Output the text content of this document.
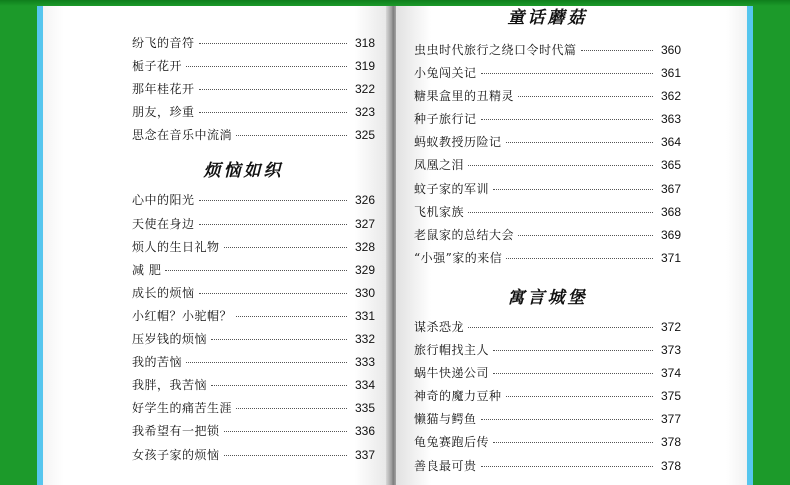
纷飞的音符	318
栀子花开	319
那年桂花开	322
朋友，珍重	323
思念在音乐中流淌	325
烦恼如织
心中的阳光	326
天使在身边	327
烦人的生日礼物	328
减 肥	329
成长的烦恼	330
小红帽？小驼帽？	331
压岁钱的烦恼	332
我的苦恼	333
我胖，我苦恼	334
好学生的痛苦生涯	335
我希望有一把锁	336
女孩子家的烦恼	337
童话蘑菇
虫虫时代旅行之绕口令时代篇	360
小兔闯关记	361
糖果盒里的丑精灵	362
种子旅行记	363
蚂蚁教授历险记	364
凤凰之泪	365
蚊子家的军训	367
飞机家族	368
老鼠家的总结大会	369
“小强”家的来信	371
寓言城堡
谋杀恐龙	372
旅行帽找主人	373
蜗牛快递公司	374
神奇的魔力豆种	375
懒猫与鳄鱼	377
龟兔赛跑后传	378
善良最可贵	378
